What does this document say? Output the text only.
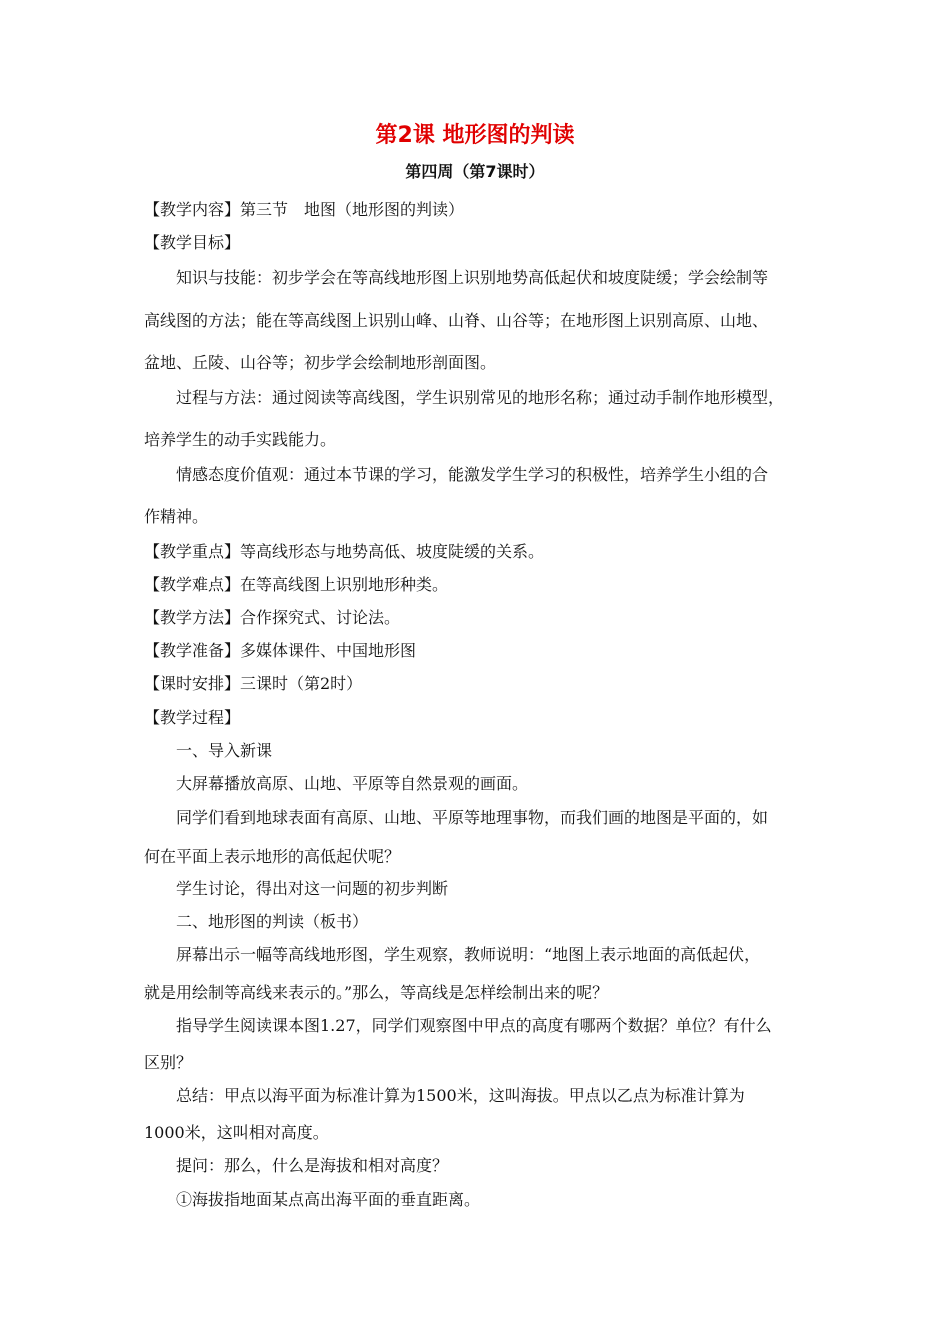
第2课 地形图的判读
第四周（第7课时）
【教学内容】第三节　地图（地形图的判读）
【教学目标】
知识与技能：初步学会在等高线地形图上识别地势高低起伏和坡度陡缓；学会绘制等
高线图的方法；能在等高线图上识别山峰、山脊、山谷等；在地形图上识别高原、山地、
盆地、丘陵、山谷等；初步学会绘制地形剖面图。
过程与方法：通过阅读等高线图，学生识别常见的地形名称；通过动手制作地形模型，
培养学生的动手实践能力。
情感态度价值观：通过本节课的学习，能激发学生学习的积极性，培养学生小组的合
作精神。
【教学重点】等高线形态与地势高低、坡度陡缓的关系。
【教学难点】在等高线图上识别地形种类。
【教学方法】合作探究式、讨论法。
【教学准备】多媒体课件、中国地形图
【课时安排】三课时（第2时）
【教学过程】
一、导入新课
大屏幕播放高原、山地、平原等自然景观的画面。
同学们看到地球表面有高原、山地、平原等地理事物，而我们画的地图是平面的，如
何在平面上表示地形的高低起伏呢？
学生讨论，得出对这一问题的初步判断
二、地形图的判读（板书）
屏幕出示一幅等高线地形图，学生观察，教师说明：“地图上表示地面的高低起伏，
就是用绘制等高线来表示的。”那么，等高线是怎样绘制出来的呢？
指导学生阅读课本图1.27，同学们观察图中甲点的高度有哪两个数据？单位？有什么
区别？
总结：甲点以海平面为标准计算为1500米，这叫海拔。甲点以乙点为标准计算为
1000米，这叫相对高度。
提问：那么，什么是海拔和相对高度？
①海拔指地面某点高出海平面的垂直距离。
